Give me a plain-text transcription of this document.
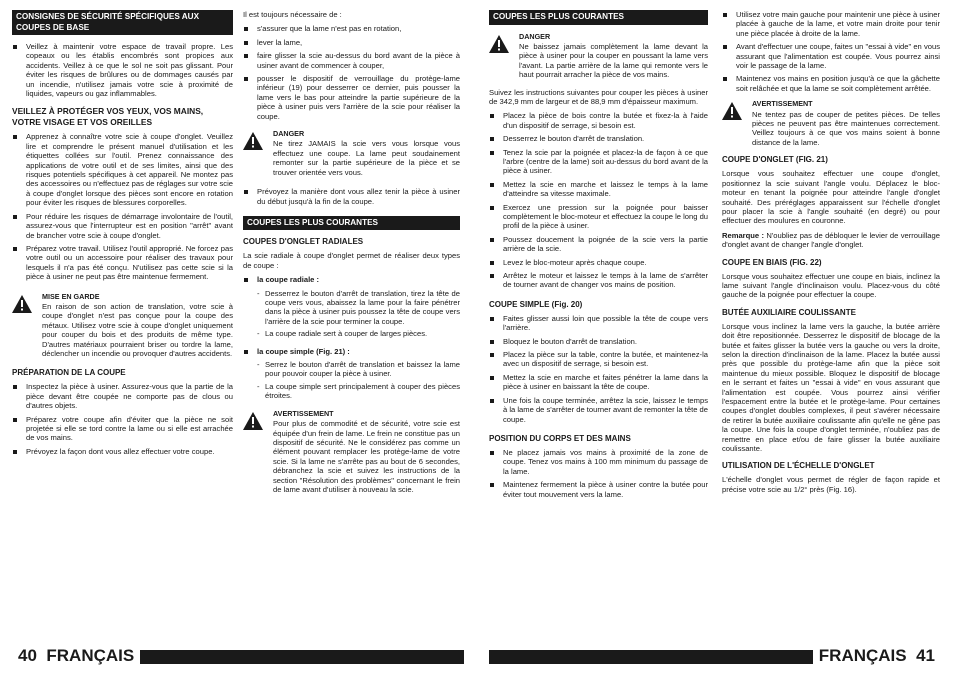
CONSIGNES DE SÉCURITÉ SPÉCIFIQUES AUX COUPES DE BASE
Veillez à maintenir votre espace de travail propre. Les copeaux ou les établis encombrés sont propices aux accidents. Veillez à ce que le sol ne soit pas glissant. Pour éviter les risques de brûlures ou de dommages causés par un incendie, n'utilisez jamais votre scie à proximité de liquides, vapeurs ou gaz inflammables.
VEILLEZ À PROTÉGER VOS YEUX, VOS MAINS, VOTRE VISAGE ET VOS OREILLES
Apprenez à connaître votre scie à coupe d'onglet. Veuillez lire et comprendre le présent manuel d'utilisation et les étiquettes collées sur l'outil. Prenez connaissance des applications de votre outil et de ses limites, ainsi que des risques potentiels spécifiques à cet appareil. Ne montez pas des accessoires ou n'effectuez pas de réglages sur votre scie à coupe d'onglet lorsque des pièces sont encore en rotation pour éviter les risques de blessures corporelles.
Pour réduire les risques de démarrage involontaire de l'outil, assurez-vous que l'interrupteur est en position "arrêt" avant de brancher votre scie à coupe d'onglet.
Préparez votre travail. Utilisez l'outil approprié. Ne forcez pas votre outil ou un accessoire pour réaliser des travaux pour lesquels il n'a pas été conçu. N'utilisez pas cette scie si la pièce à usiner ne peut pas être maintenue fermement.
MISE EN GARDE

En raison de son action de translation, votre scie à coupe d'onglet n'est pas conçue pour la coupe des métaux. Utilisez votre scie à coupe d'onglet uniquement pour couper du bois et des produits de même type. D'autres matériaux pourraient briser ou tordre la lame, déclencher un incendie ou provoquer d'autres accidents.

PRÉPARATION DE LA COUPE
Inspectez la pièce à usiner. Assurez-vous que la partie de la pièce devant être coupée ne comporte pas de clous ou d'autres objets.
Préparez votre coupe afin d'éviter que la pièce ne soit projetée si elle se tord contre la lame ou si elle est arrachée de vos mains.
Prévoyez la façon dont vous allez effectuer votre coupe.

Il est toujours nécessaire de :

s'assurer que la lame n'est pas en rotation,
lever la lame,
faire glisser la scie au-dessus du bord avant de la pièce à usiner avant de commencer à couper,
pousser le dispositif de verrouillage du protège-lame inférieur (19) pour desserrer ce dernier, puis pousser la lame vers le bas pour atteindre la partie supérieure de la pièce à usiner puis vers l'arrière de la scie pour réaliser la coupe.
DANGER

Ne tirez JAMAIS la scie vers vous lorsque vous effectuez une coupe. La lame peut soudainement remonter sur la partie supérieure de la pièce et se trouver orientée vers vous.

Prévoyez la manière dont vous allez tenir la pièce à usiner du début jusqu'à la fin de la coupe.
COUPES LES PLUS COURANTES
COUPES D'ONGLET RADIALES

La scie radiale à coupe d'onglet permet de réaliser deux types de coupe :

la coupe radiale :
- Desserrez le bouton d'arrêt de translation, tirez la tête de coupe vers vous, abaissez la lame pour la faire pénétrer dans la pièce à usiner puis poussez la tête de coupe vers l'arrière de la scie pour terminer la coupe.
- La coupe radiale sert à couper de larges pièces.
la coupe simple (Fig. 21) :
- Serrez le bouton d'arrêt de translation et baissez la lame pour pouvoir couper la pièce à usiner.
- La coupe simple sert principalement à couper des pièces étroites.
AVERTISSEMENT

Pour plus de commodité et de sécurité, votre scie est équipée d'un frein de lame. Le frein ne constitue pas un dispositif de sécurité. Ne le considérez pas comme un élément pouvant remplacer les protège-lame de votre scie. Si la lame ne s'arrête pas au bout de 6 secondes, débranchez la scie et suivez les instructions de la section "Résolution des problèmes" concernant le frein de lame avant d'utiliser à nouveau la scie.

40 FRANÇAIS
COUPES LES PLUS COURANTES
DANGER

Ne baissez jamais complètement la lame devant la pièce à usiner pour la couper en poussant la lame vers l'avant. La partie arrière de la lame qui remonte vers le haut pourrait arracher la pièce de vos mains.

Suivez les instructions suivantes pour couper les pièces à usiner de 342,9 mm de largeur et de 88,9 mm d'épaisseur maximum.

Placez la pièce de bois contre la butée et fixez-la à l'aide d'un dispositif de serrage, si besoin est.
Desserrez le bouton d'arrêt de translation.
Tenez la scie par la poignée et placez-la de façon à ce que l'arbre (centre de la lame) soit au-dessus du bord avant de la pièce à usiner.
Mettez la scie en marche et laissez le temps à la lame d'atteindre sa vitesse maximale.
Exercez une pression sur la poignée pour baisser complètement le bloc-moteur et effectuez la coupe le long du profil de la pièce à usiner.
Poussez doucement la poignée de la scie vers la partie arrière de la scie.
Levez le bloc-moteur après chaque coupe.
Arrêtez le moteur et laissez le temps à la lame de s'arrêter de tourner avant de changer vos mains de position.
COUPE SIMPLE (Fig. 20)
Faites glisser aussi loin que possible la tête de coupe vers l'arrière.
Bloquez le bouton d'arrêt de translation.
Placez la pièce sur la table, contre la butée, et maintenez-la avec un dispositif de serrage, si besoin est.
Mettez la scie en marche et faites pénétrer la lame dans la pièce à usiner en baissant la tête de coupe.
Une fois la coupe terminée, arrêtez la scie, laissez le temps à la lame de s'arrêter de tourner avant de remonter la tête de coupe.
POSITION DU CORPS ET DES MAINS
Ne placez jamais vos mains à proximité de la zone de coupe. Tenez vos mains à 100 mm minimum du passage de la lame.
Maintenez fermement la pièce à usiner contre la butée pour éviter tout mouvement vers la lame.
Utilisez votre main gauche pour maintenir une pièce à usiner placée à gauche de la lame, et votre main droite pour tenir une pièce placée à droite de la lame.
Avant d'effectuer une coupe, faites un "essai à vide" en vous assurant que l'alimentation est coupée. Vous pourrez ainsi voir le passage de la lame.
Maintenez vos mains en position jusqu'à ce que la gâchette soit relâchée et que la lame se soit complètement arrêtée.
AVERTISSEMENT

Ne tentez pas de couper de petites pièces. De telles pièces ne peuvent pas être maintenues correctement. Veillez toujours à ce que vos mains soient à bonne distance de la lame.

COUPE D'ONGLET (FIG. 21)

Lorsque vous souhaitez effectuer une coupe d'onglet, positionnez la scie suivant l'angle voulu. Déplacez le bloc-moteur en tenant la poignée pour atteindre l'angle d'onglet souhaité. Des préréglages apparaissent sur l'échelle d'onglet pour placer la scie à l'angle souhaité (en degré) ou pour effectuer des moulures en couronne.

Remarque : N'oubliez pas de débloquer le levier de verrouillage d'onglet avant de changer l'angle d'onglet.

COUPE EN BIAIS (FIG. 22)

Lorsque vous souhaitez effectuer une coupe en biais, inclinez la lame suivant l'angle d'inclinaison voulu. Placez-vous du côté gauche de la poignée pour effectuer la coupe.

BUTÉE AUXILIAIRE COULISSANTE

Lorsque vous inclinez la lame vers la gauche, la butée arrière doit être repositionnée. Desserrez le dispositif de blocage de la butée et faites glisser la butée vers la gauche ou vers la droite, selon la direction d'inclinaison de la lame. Placez la butée aussi près que possible du protège-lame afin que la pièce soit maintenue du mieux possible. Bloquez le dispositif de blocage en le serrant et faites un "essai à vide" en vous assurant que l'alimentation est coupée. Vous pourrez ainsi vérifier l'espacement entre la butée et le protège-lame. Pour certaines coupes d'onglet doubles complexes, il peut s'avérer nécessaire de retirer la butée auxiliaire coulissante afin qu'elle ne gêne pas la coupe. Une fois la coupe d'onglet terminée, n'oubliez pas de remettre en place et/ou de faire glisser la butée auxiliaire coulissante.

UTILISATION DE L'ÉCHELLE D'ONGLET

L'échelle d'onglet vous permet de régler de façon rapide et précise votre scie au 1/2° près (Fig. 16).

FRANÇAIS 41
